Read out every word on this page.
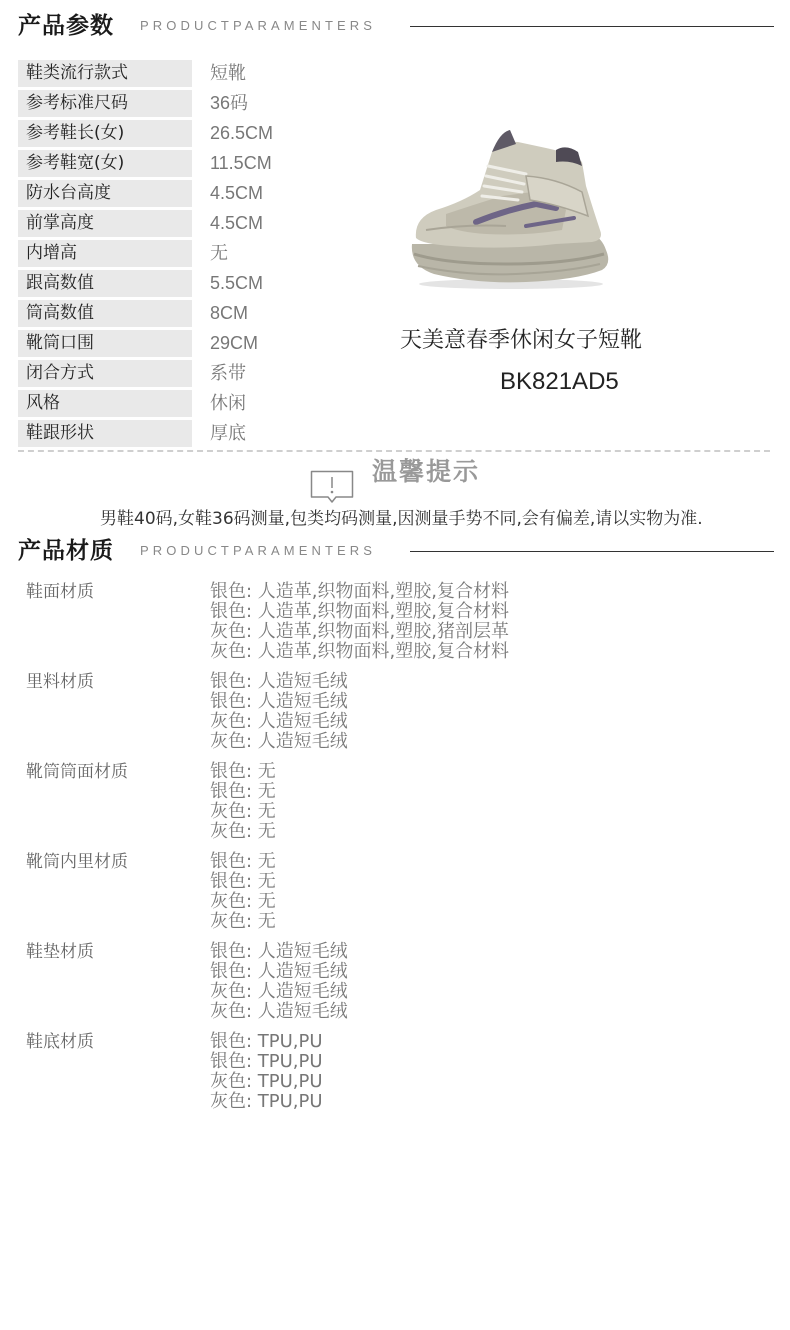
产品参数 PRODUCTPARAMENTERS
鞋类流行款式	短靴
参考标准尺码	36码
参考鞋长(女)	26.5CM
参考鞋宽(女)	11.5CM
防水台高度	4.5CM
前掌高度	4.5CM
内增高	无
跟高数值	5.5CM
筒高数值	8CM
靴筒口围	29CM
闭合方式	系带
风格	休闲
鞋跟形状	厚底
天美意春季休闲女子短靴
BK821AD5
温馨提示
男鞋40码,女鞋36码测量,包类均码测量,因测量手势不同,会有偏差,请以实物为准.
产品材质 PRODUCTPARAMENTERS
鞋面材质	银色: 人造革,织物面料,塑胶,复合材料
银色: 人造革,织物面料,塑胶,复合材料
灰色: 人造革,织物面料,塑胶,猪剖层革
灰色: 人造革,织物面料,塑胶,复合材料
里料材质	银色: 人造短毛绒
银色: 人造短毛绒
灰色: 人造短毛绒
灰色: 人造短毛绒
靴筒筒面材质	银色: 无
银色: 无
灰色: 无
灰色: 无
靴筒内里材质	银色: 无
银色: 无
灰色: 无
灰色: 无
鞋垫材质	银色: 人造短毛绒
银色: 人造短毛绒
灰色: 人造短毛绒
灰色: 人造短毛绒
鞋底材质	银色: TPU,PU
银色: TPU,PU
灰色: TPU,PU
灰色: TPU,PU
